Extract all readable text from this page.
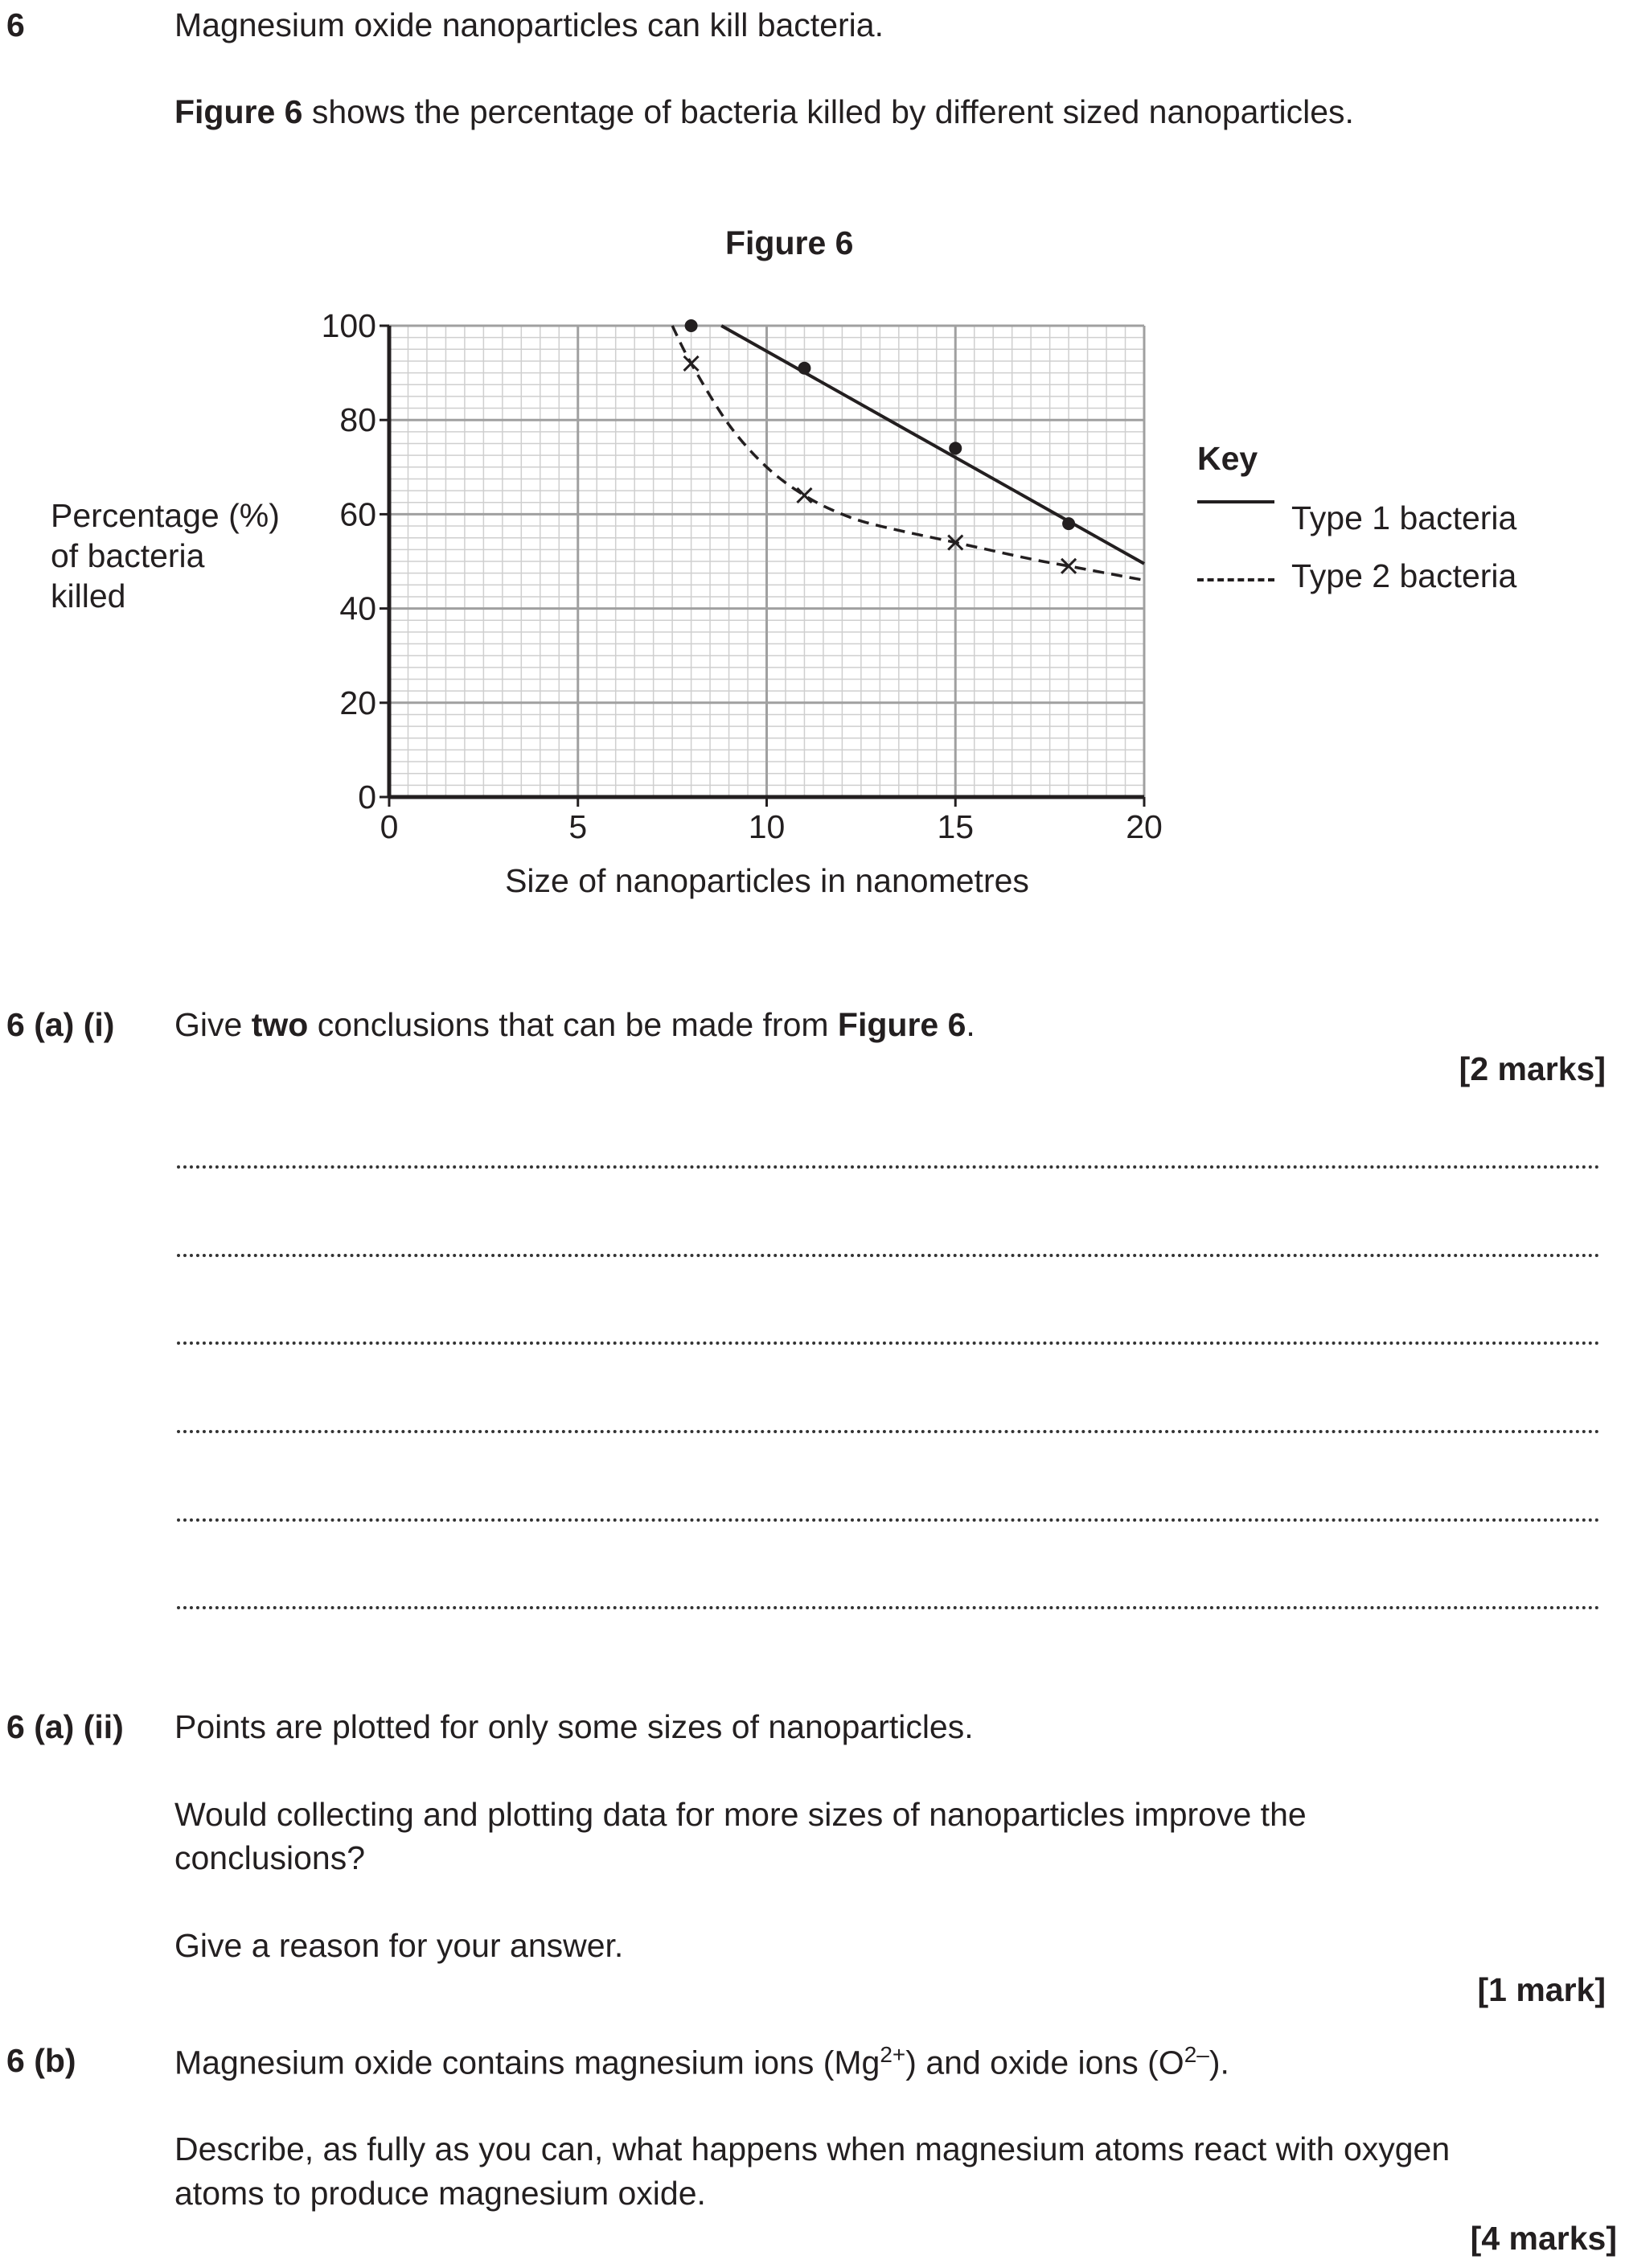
6	Magnesium oxide nanoparticles can kill bacteria.
Figure 6 shows the percentage of bacteria killed by different sized nanoparticles.
Figure 6
Percentage (%)
of bacteria
killed
0	5	10	15	20
0
20
40
60
80
100
Size of nanoparticles in nanometres
Key
Type 1 bacteria
Type 2 bacteria
6 (a) (i) Give two conclusions that can be made from Figure 6.
[2 marks]
6 (a) (ii) Points are plotted for only some sizes of nanoparticles.
Would collecting and plotting data for more sizes of nanoparticles improve the
conclusions?
Give a reason for your answer.
[1 mark]
6 (b)	Magnesium oxide contains magnesium ions $(Mg^{2+})$ and oxide ions $(O^{2-})$.
Describe, as fully as you can, what happens when magnesium atoms react with oxygen
atoms to produce magnesium oxide.
[4 marks]
